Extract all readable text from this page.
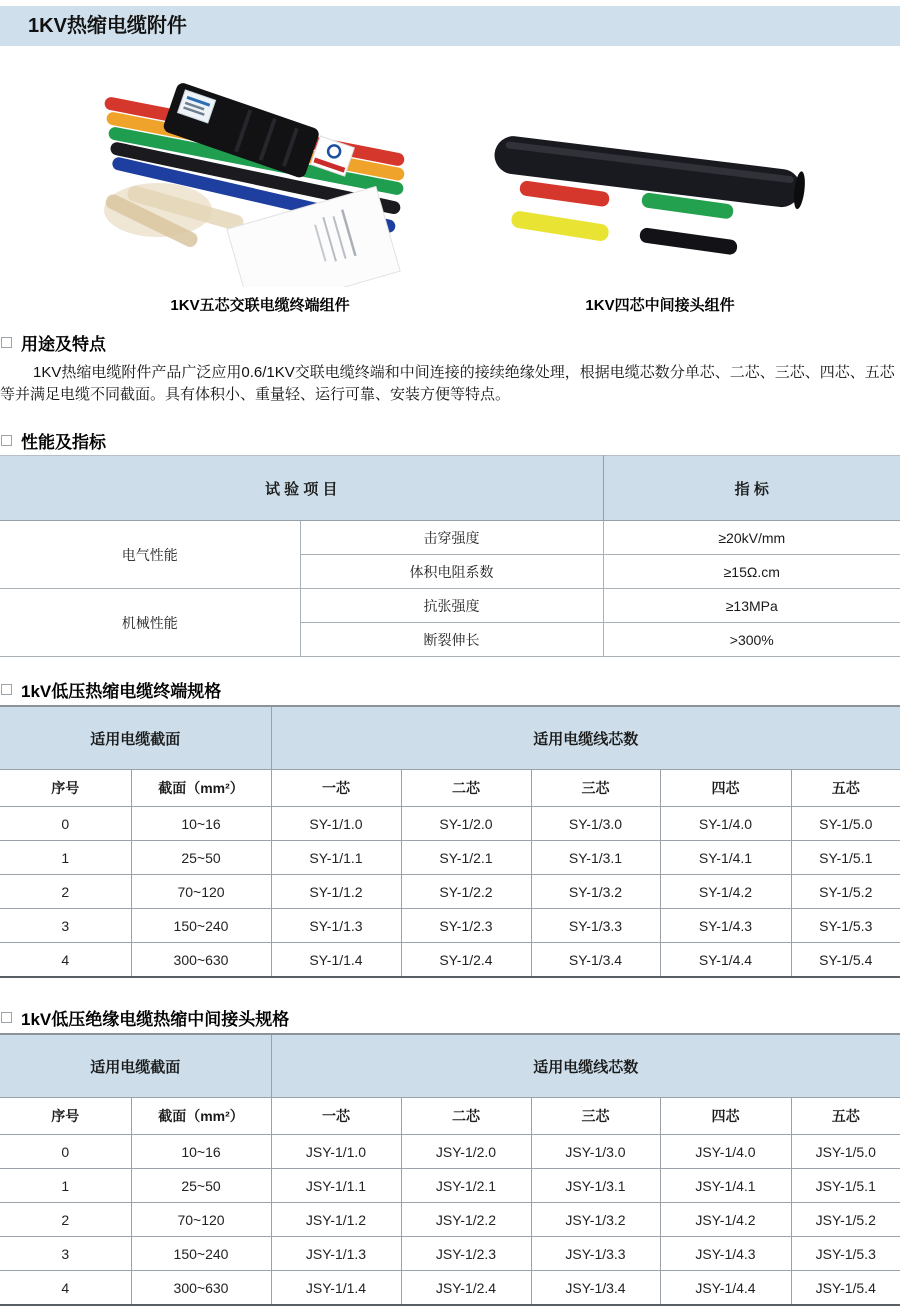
1KV热缩电缆附件
1KV五芯交联电缆终端组件	1KV四芯中间接头组件
用途及特点
1KV热缩电缆附件产品广泛应用0.6/1KV交联电缆终端和中间连接的接续绝缘处理，根据电缆芯数分单芯、二芯、三芯、四芯、五芯等并满足电缆不同截面。具有体积小、重量轻、运行可靠、安装方便等特点。
性能及指标
试 验 项 目		指 标
电气性能	击穿强度	≥20kV/mm
	体积电阻系数	≥15Ω.cm
机械性能	抗张强度	≥13MPa
	断裂伸长	>300%
1kV低压热缩电缆终端规格
适用电缆截面		适用电缆线芯数				
序号	截面（mm²）	一芯	二芯	三芯	四芯	五芯
0	10~16	SY-1/1.0	SY-1/2.0	SY-1/3.0	SY-1/4.0	SY-1/5.0
1	25~50	SY-1/1.1	SY-1/2.1	SY-1/3.1	SY-1/4.1	SY-1/5.1
2	70~120	SY-1/1.2	SY-1/2.2	SY-1/3.2	SY-1/4.2	SY-1/5.2
3	150~240	SY-1/1.3	SY-1/2.3	SY-1/3.3	SY-1/4.3	SY-1/5.3
4	300~630	SY-1/1.4	SY-1/2.4	SY-1/3.4	SY-1/4.4	SY-1/5.4
1kV低压绝缘电缆热缩中间接头规格
适用电缆截面		适用电缆线芯数				
序号	截面（mm²）	一芯	二芯	三芯	四芯	五芯
0	10~16	JSY-1/1.0	JSY-1/2.0	JSY-1/3.0	JSY-1/4.0	JSY-1/5.0
1	25~50	JSY-1/1.1	JSY-1/2.1	JSY-1/3.1	JSY-1/4.1	JSY-1/5.1
2	70~120	JSY-1/1.2	JSY-1/2.2	JSY-1/3.2	JSY-1/4.2	JSY-1/5.2
3	150~240	JSY-1/1.3	JSY-1/2.3	JSY-1/3.3	JSY-1/4.3	JSY-1/5.3
4	300~630	JSY-1/1.4	JSY-1/2.4	JSY-1/3.4	JSY-1/4.4	JSY-1/5.4
